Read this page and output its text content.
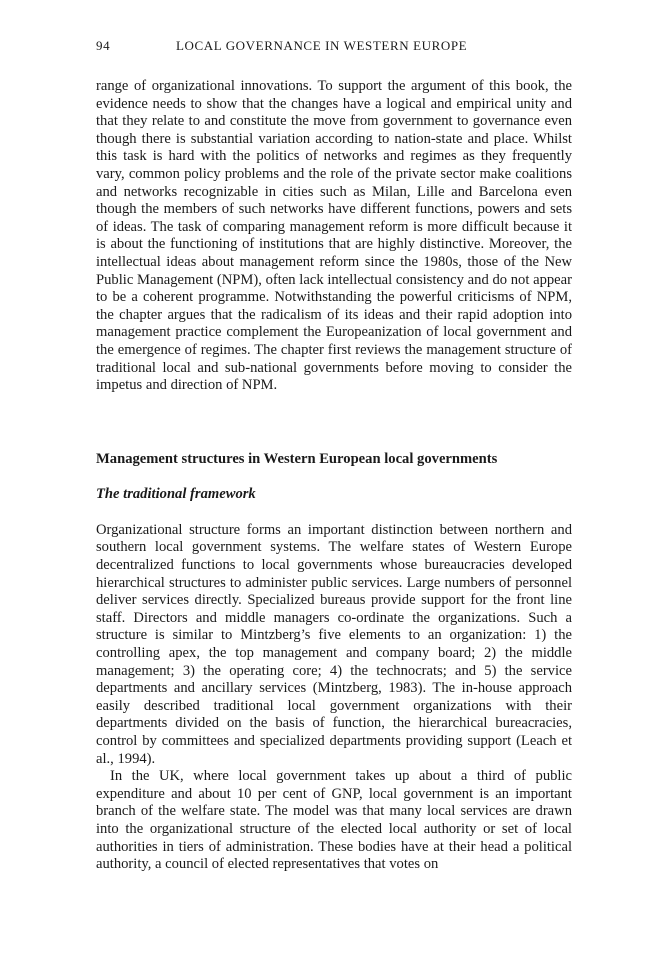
94	LOCAL GOVERNANCE IN WESTERN EUROPE

range of organizational innovations. To support the argument of this book, the evidence needs to show that the changes have a logical and empirical unity and that they relate to and constitute the move from government to governance even though there is substantial variation according to nation-state and place. Whilst this task is hard with the politics of networks and regimes as they frequently vary, common policy problems and the role of the private sector make coalitions and networks recognizable in cities such as Milan, Lille and Barcelona even though the members of such networks have different functions, powers and sets of ideas. The task of comparing management reform is more difficult because it is about the functioning of institutions that are highly distinctive. Moreover, the intellectual ideas about management reform since the 1980s, those of the New Public Management (NPM), often lack intellectual consistency and do not appear to be a coherent programme. Notwithstanding the powerful criticisms of NPM, the chapter argues that the radicalism of its ideas and their rapid adoption into management practice complement the Europeanization of local government and the emergence of regimes. The chapter first reviews the management structure of traditional local and sub-national governments before moving to consider the impetus and direction of NPM.

Management structures in Western European local governments
The traditional framework

Organizational structure forms an important distinction between northern and southern local government systems. The welfare states of Western Europe decentralized functions to local governments whose bureaucracies developed hierarchical structures to administer public services. Large numbers of personnel deliver services directly. Specialized bureaus provide support for the front line staff. Directors and middle managers co-ordinate the organizations. Such a structure is similar to Mintzberg’s five elements to an organization: 1) the controlling apex, the top management and company board; 2) the middle management; 3) the operating core; 4) the technocrats; and 5) the service departments and ancillary services (Mintzberg, 1983). The in-house approach easily described traditional local government organizations with their departments divided on the basis of function, the hierarchical bureacracies, control by committees and specialized departments providing support (Leach et al., 1994).

In the UK, where local government takes up about a third of public expenditure and about 10 per cent of GNP, local government is an important branch of the welfare state. The model was that many local services are drawn into the organizational structure of the elected local authority or set of local authorities in tiers of administration. These bodies have at their head a political authority, a council of elected representatives that votes on
